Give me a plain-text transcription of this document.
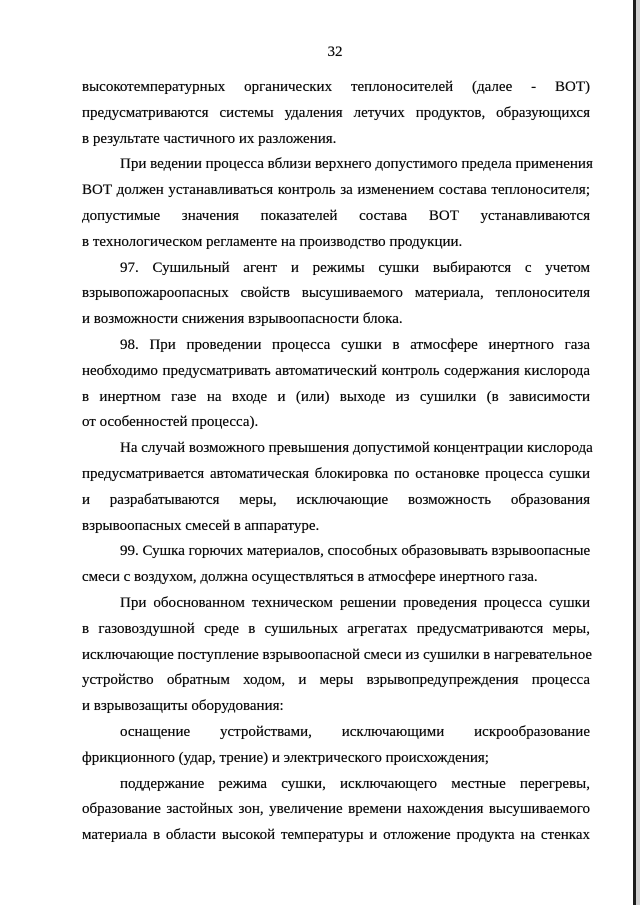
32
высокотемпературных органических теплоносителей (далее - ВОТ)
предусматриваются системы удаления летучих продуктов, образующихся
в результате частичного их разложения.
При ведении процесса вблизи верхнего допустимого предела применения
ВОТ должен устанавливаться контроль за изменением состава теплоносителя;
допустимые значения показателей состава ВОТ устанавливаются
в технологическом регламенте на производство продукции.
97. Сушильный агент и режимы сушки выбираются с учетом
взрывопожароопасных свойств высушиваемого материала, теплоносителя
и возможности снижения взрывоопасности блока.
98. При проведении процесса сушки в атмосфере инертного газа
необходимо предусматривать автоматический контроль содержания кислорода
в инертном газе на входе и (или) выходе из сушилки (в зависимости
от особенностей процесса).
На случай возможного превышения допустимой концентрации кислорода
предусматривается автоматическая блокировка по остановке процесса сушки
и разрабатываются меры, исключающие возможность образования
взрывоопасных смесей в аппаратуре.
99. Сушка горючих материалов, способных образовывать взрывоопасные
смеси с воздухом, должна осуществляться в атмосфере инертного газа.
При обоснованном техническом решении проведения процесса сушки
в газовоздушной среде в сушильных агрегатах предусматриваются меры,
исключающие поступление взрывоопасной смеси из сушилки в нагревательное
устройство обратным ходом, и меры взрывопредупреждения процесса
и взрывозащиты оборудования:
оснащение устройствами, исключающими искрообразование
фрикционного (удар, трение) и электрического происхождения;
поддержание режима сушки, исключающего местные перегревы,
образование застойных зон, увеличение времени нахождения высушиваемого
материала в области высокой температуры и отложение продукта на стенках
